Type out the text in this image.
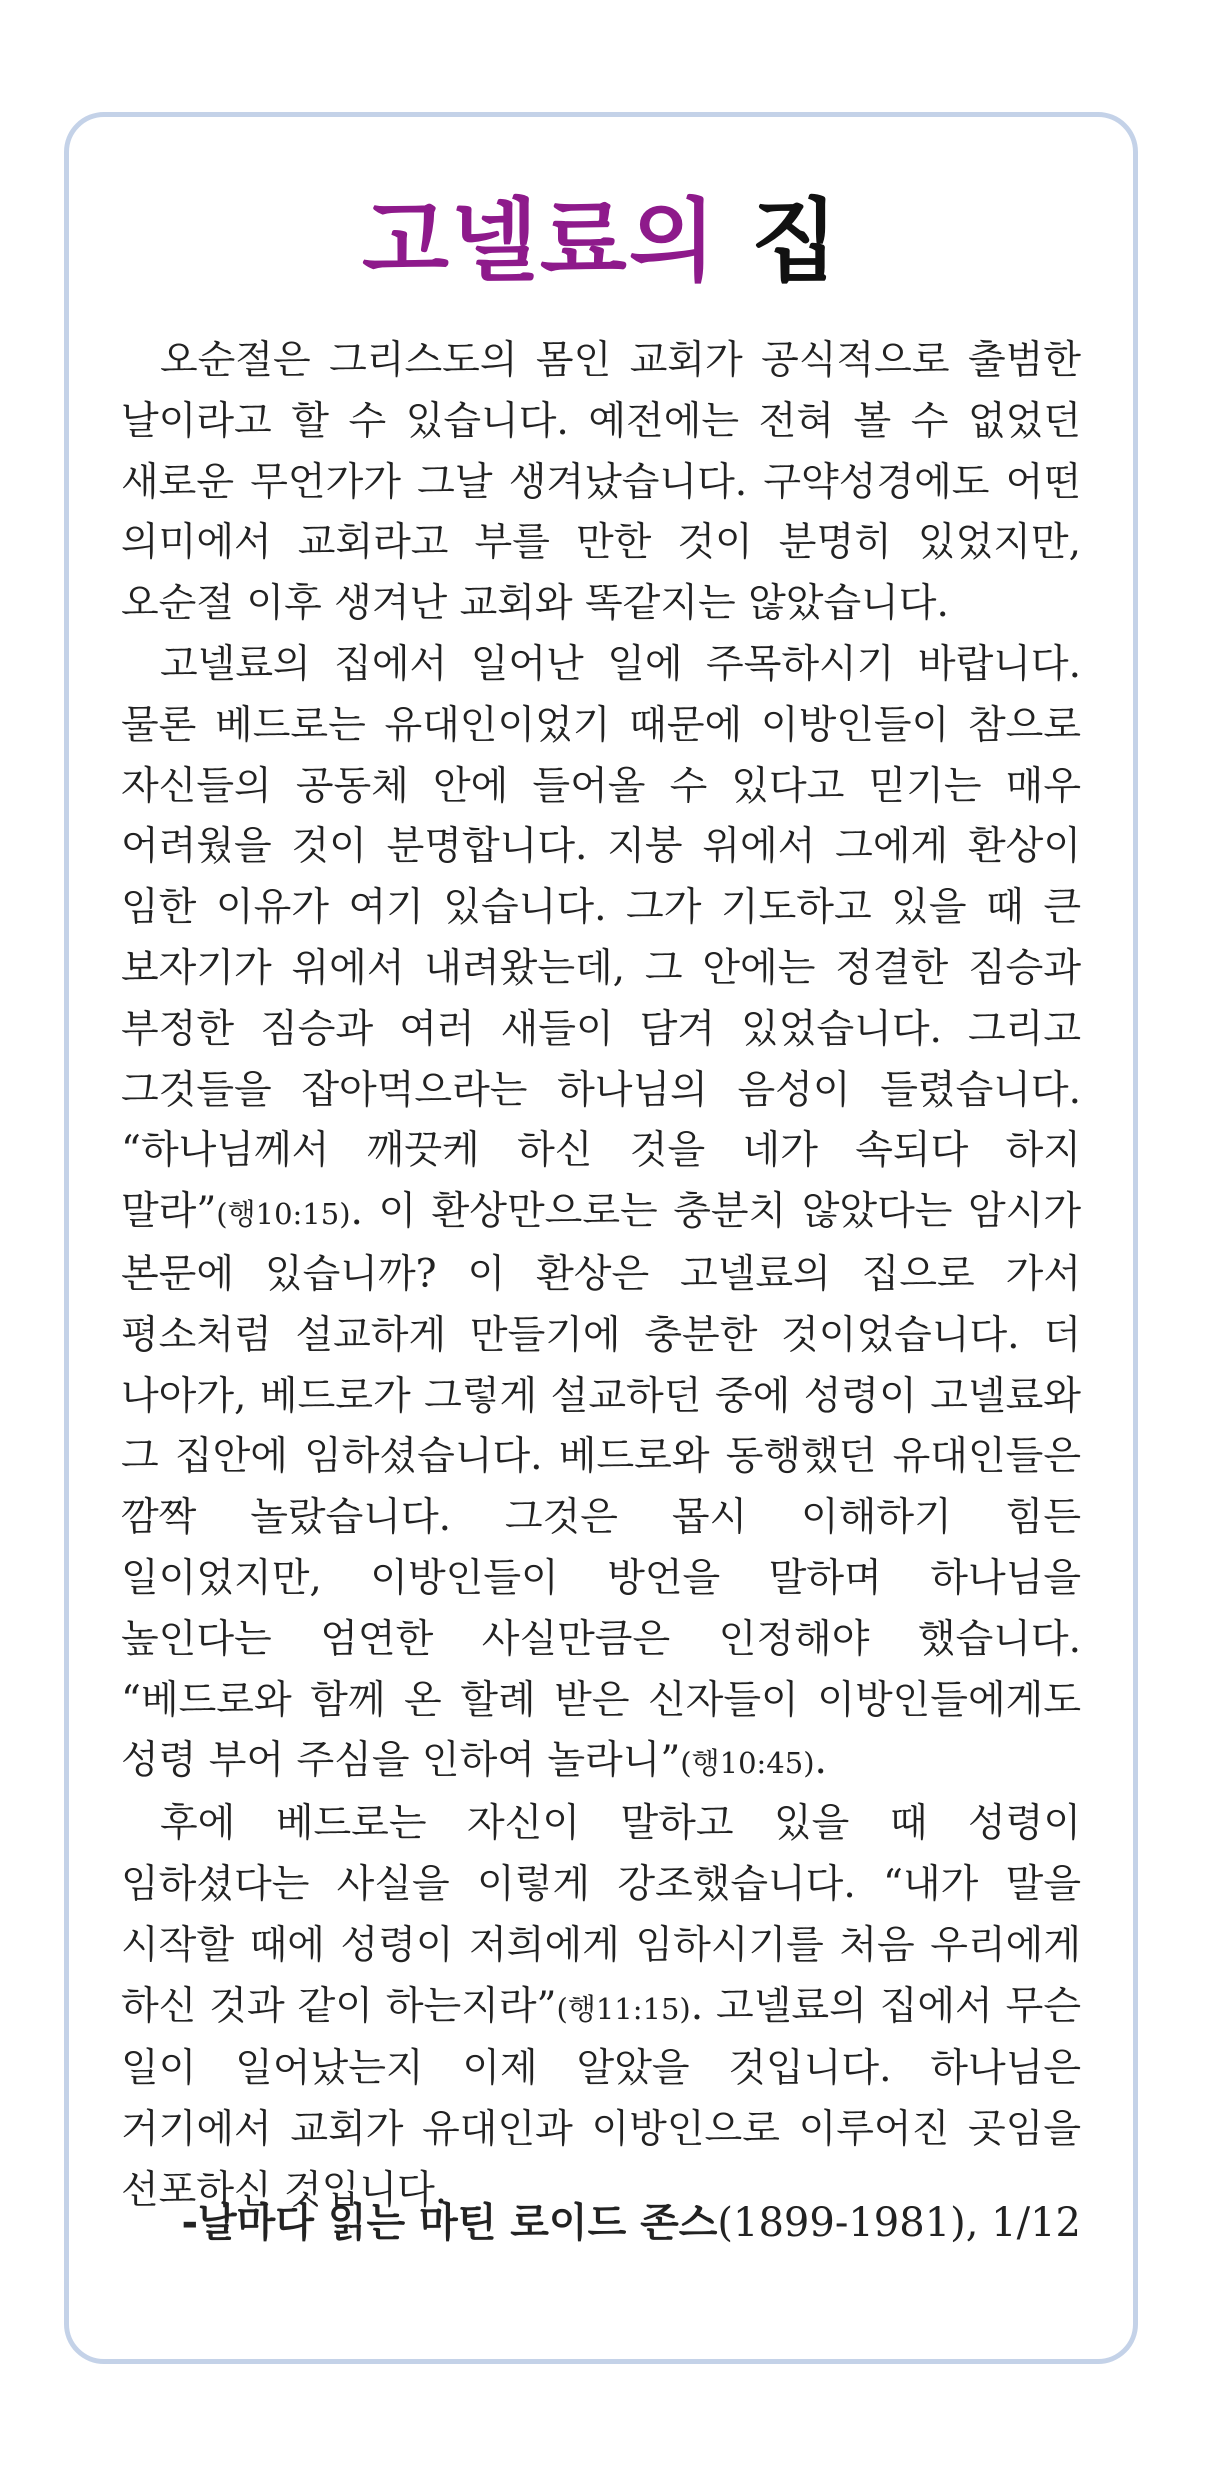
고넬료의 집

오순절은 그리스도의 몸인 교회가 공식적으로 출범한 날이라고 할 수 있습니다. 예전에는 전혀 볼 수 없었던 새로운 무언가가 그날 생겨났습니다. 구약성경에도 어떤 의미에서 교회라고 부를 만한 것이 분명히 있었지만, 오순절 이후 생겨난 교회와 똑같지는 않았습니다.

고넬료의 집에서 일어난 일에 주목하시기 바랍니다. 물론 베드로는 유대인이었기 때문에 이방인들이 참으로 자신들의 공동체 안에 들어올 수 있다고 믿기는 매우 어려웠을 것이 분명합니다. 지붕 위에서 그에게 환상이 임한 이유가 여기 있습니다. 그가 기도하고 있을 때 큰 보자기가 위에서 내려왔는데, 그 안에는 정결한 짐승과 부정한 짐승과 여러 새들이 담겨 있었습니다. 그리고 그것들을 잡아먹으라는 하나님의 음성이 들렸습니다. “하나님께서 깨끗케 하신 것을 네가 속되다 하지 말라”(행10:15). 이 환상만으로는 충분치 않았다는 암시가 본문에 있습니까? 이 환상은 고넬료의 집으로 가서 평소처럼 설교하게 만들기에 충분한 것이었습니다. 더 나아가, 베드로가 그렇게 설교하던 중에 성령이 고넬료와 그 집안에 임하셨습니다. 베드로와 동행했던 유대인들은 깜짝 놀랐습니다. 그것은 몹시 이해하기 힘든 일이었지만, 이방인들이 방언을 말하며 하나님을 높인다는 엄연한 사실만큼은 인정해야 했습니다. “베드로와 함께 온 할례 받은 신자들이 이방인들에게도 성령 부어 주심을 인하여 놀라니”(행10:45).

후에 베드로는 자신이 말하고 있을 때 성령이 임하셨다는 사실을 이렇게 강조했습니다. “내가 말을 시작할 때에 성령이 저희에게 임하시기를 처음 우리에게 하신 것과 같이 하는지라”(행11:15). 고넬료의 집에서 무슨 일이 일어났는지 이제 알았을 것입니다. 하나님은 거기에서 교회가 유대인과 이방인으로 이루어진 곳임을 선포하신 것입니다.

-날마다 읽는 마틴 로이드 존스(1899-1981), 1/12
